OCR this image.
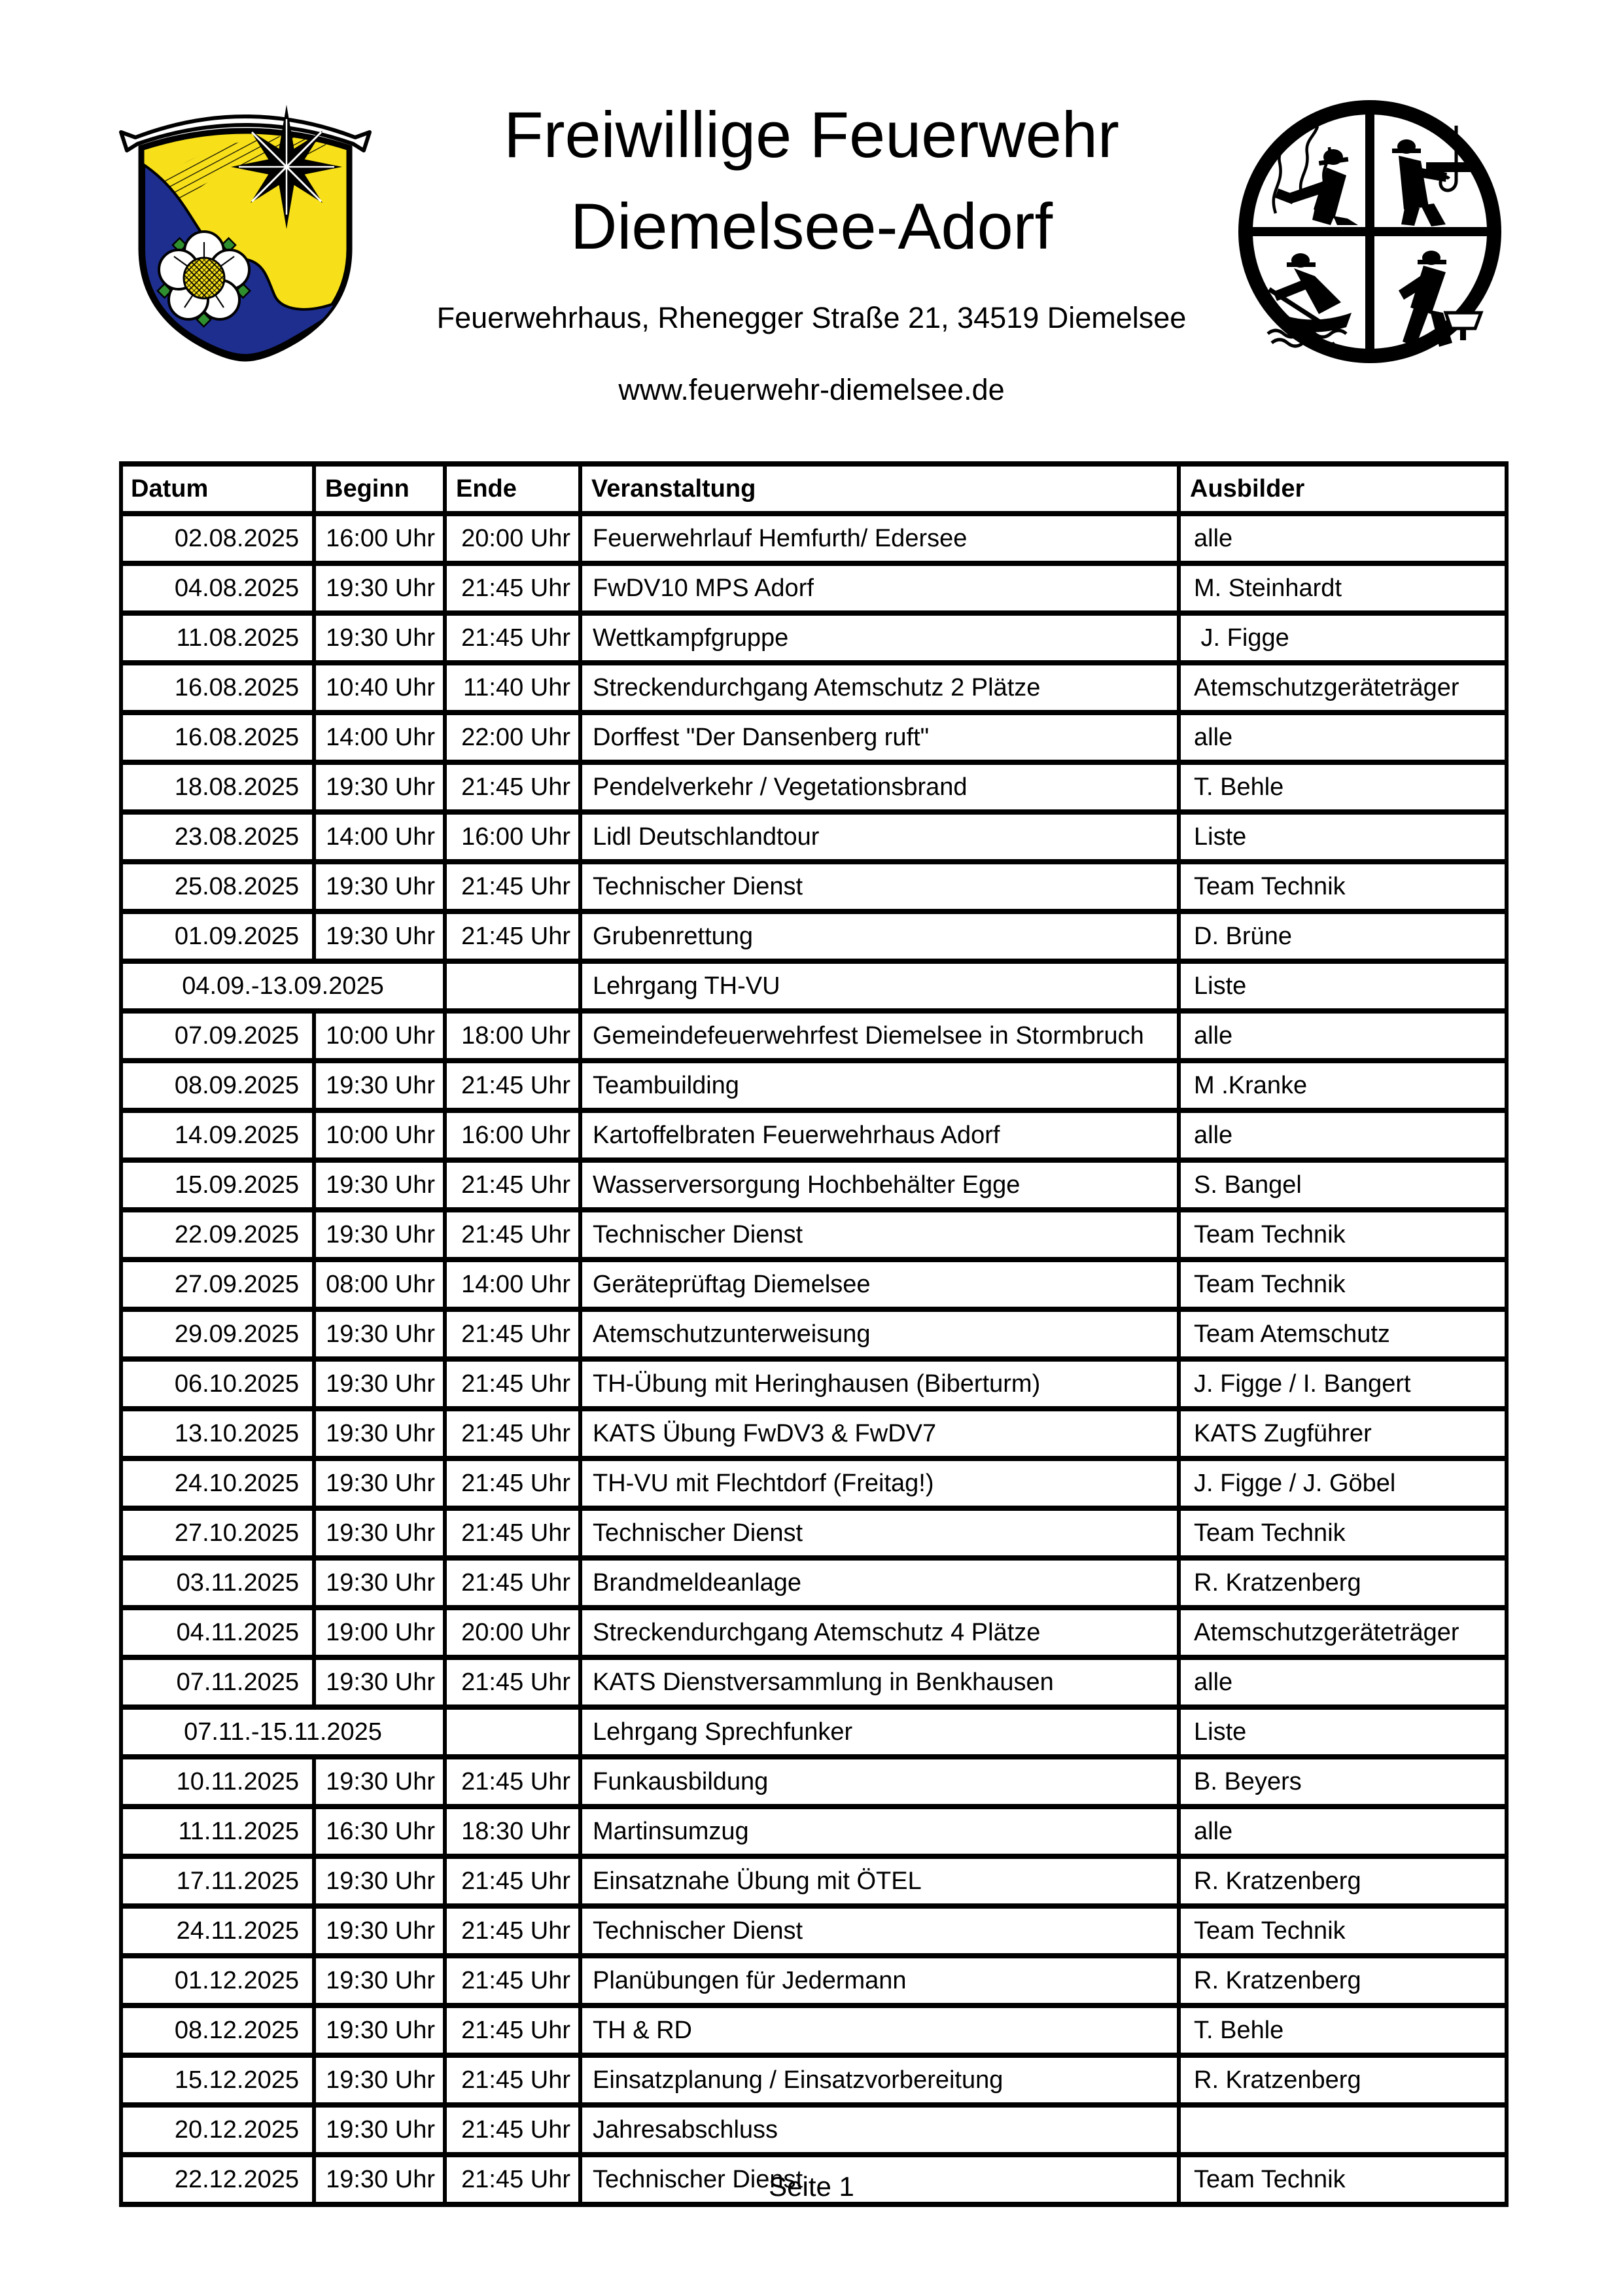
Freiwillige Feuerwehr
Diemelsee-Adorf
Feuerwehrhaus, Rhenegger Straße 21, 34519 Diemelsee
www.feuerwehr-diemelsee.de
Datum	Beginn	Ende	Veranstaltung	Ausbilder
02.08.2025	16:00 Uhr	20:00 Uhr	Feuerwehrlauf Hemfurth/ Edersee	alle
04.08.2025	19:30 Uhr	21:45 Uhr	FwDV10 MPS Adorf	M. Steinhardt
11.08.2025	19:30 Uhr	21:45 Uhr	Wettkampfgruppe	J. Figge
16.08.2025	10:40 Uhr	11:40 Uhr	Streckendurchgang Atemschutz 2 Plätze	Atemschutzgeräteträger
16.08.2025	14:00 Uhr	22:00 Uhr	Dorffest "Der Dansenberg ruft"	alle
18.08.2025	19:30 Uhr	21:45 Uhr	Pendelverkehr / Vegetationsbrand	T. Behle
23.08.2025	14:00 Uhr	16:00 Uhr	Lidl Deutschlandtour	Liste
25.08.2025	19:30 Uhr	21:45 Uhr	Technischer Dienst	Team Technik
01.09.2025	19:30 Uhr	21:45 Uhr	Grubenrettung	D. Brüne
04.09.-13.09.2025			Lehrgang TH-VU	Liste
07.09.2025	10:00 Uhr	18:00 Uhr	Gemeindefeuerwehrfest Diemelsee in Stormbruch	alle
08.09.2025	19:30 Uhr	21:45 Uhr	Teambuilding	M .Kranke
14.09.2025	10:00 Uhr	16:00 Uhr	Kartoffelbraten Feuerwehrhaus Adorf	alle
15.09.2025	19:30 Uhr	21:45 Uhr	Wasserversorgung Hochbehälter Egge	S. Bangel
22.09.2025	19:30 Uhr	21:45 Uhr	Technischer Dienst	Team Technik
27.09.2025	08:00 Uhr	14:00 Uhr	Geräteprüftag Diemelsee	Team Technik
29.09.2025	19:30 Uhr	21:45 Uhr	Atemschutzunterweisung	Team Atemschutz
06.10.2025	19:30 Uhr	21:45 Uhr	TH-Übung mit Heringhausen (Biberturm)	J. Figge / I. Bangert
13.10.2025	19:30 Uhr	21:45 Uhr	KATS Übung FwDV3 & FwDV7	KATS Zugführer
24.10.2025	19:30 Uhr	21:45 Uhr	TH-VU mit Flechtdorf (Freitag!)	J. Figge / J. Göbel
27.10.2025	19:30 Uhr	21:45 Uhr	Technischer Dienst	Team Technik
03.11.2025	19:30 Uhr	21:45 Uhr	Brandmeldeanlage	R. Kratzenberg
04.11.2025	19:00 Uhr	20:00 Uhr	Streckendurchgang Atemschutz 4 Plätze	Atemschutzgeräteträger
07.11.2025	19:30 Uhr	21:45 Uhr	KATS Dienstversammlung in Benkhausen	alle
07.11.-15.11.2025			Lehrgang Sprechfunker	Liste
10.11.2025	19:30 Uhr	21:45 Uhr	Funkausbildung	B. Beyers
11.11.2025	16:30 Uhr	18:30 Uhr	Martinsumzug	alle
17.11.2025	19:30 Uhr	21:45 Uhr	Einsatznahe Übung mit ÖTEL	R. Kratzenberg
24.11.2025	19:30 Uhr	21:45 Uhr	Technischer Dienst	Team Technik
01.12.2025	19:30 Uhr	21:45 Uhr	Planübungen für Jedermann	R. Kratzenberg
08.12.2025	19:30 Uhr	21:45 Uhr	TH & RD	T. Behle
15.12.2025	19:30 Uhr	21:45 Uhr	Einsatzplanung / Einsatzvorbereitung	R. Kratzenberg
20.12.2025	19:30 Uhr	21:45 Uhr	Jahresabschluss	
22.12.2025	19:30 Uhr	21:45 Uhr	Technischer Dienst	Team Technik
Seite 1
